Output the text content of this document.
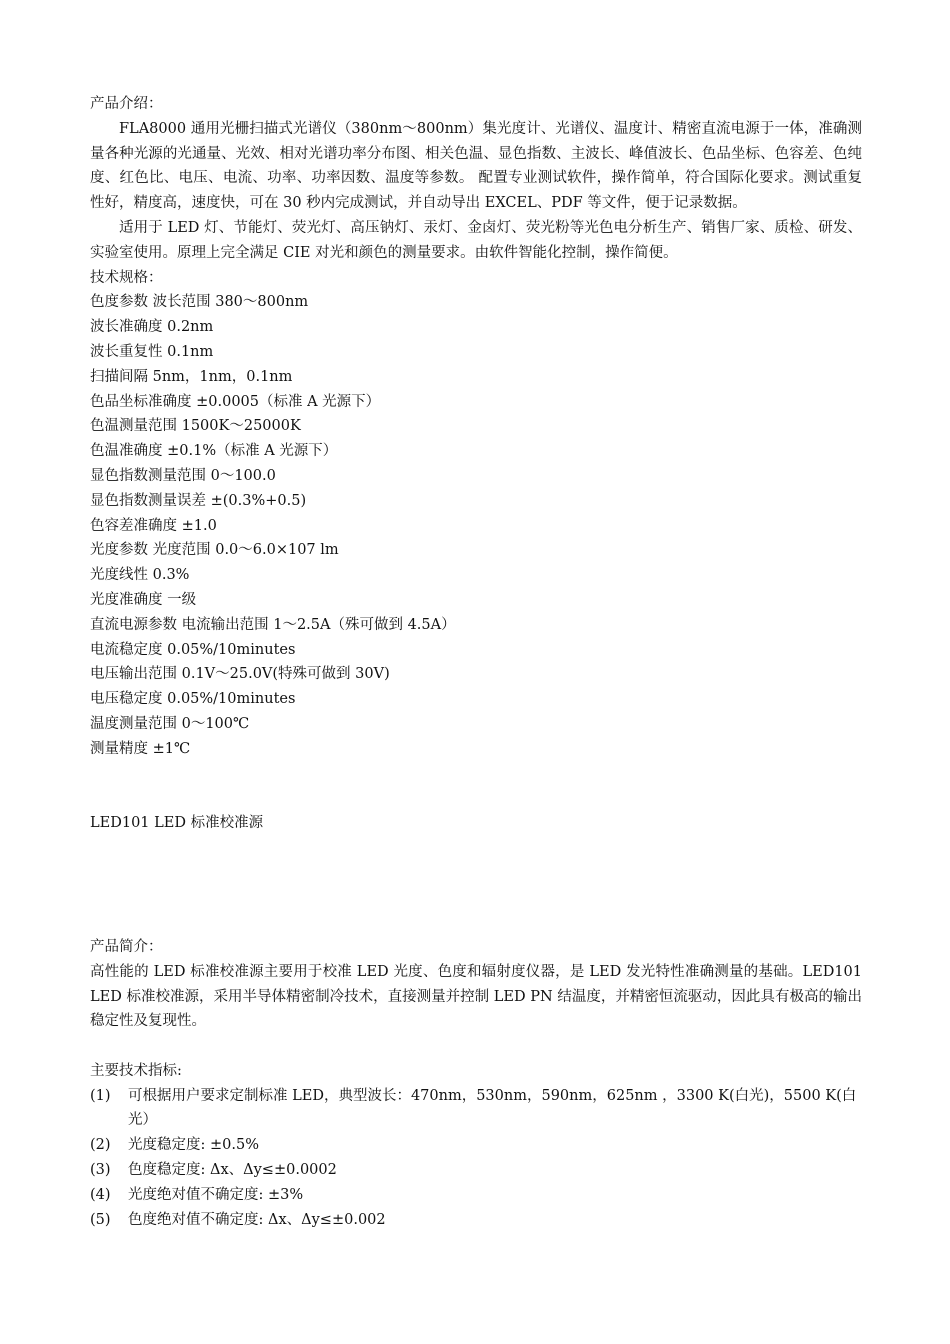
产品介绍：
FLA8000 通用光栅扫描式光谱仪（380nm～800nm）集光度计、光谱仪、温度计、精密直流电源于一体，准确测量各种光源的光通量、光效、相对光谱功率分布图、相关色温、显色指数、主波长、峰值波长、色品坐标、色容差、色纯度、红色比、电压、电流、功率、功率因数、温度等参数。 配置专业测试软件，操作简单，符合国际化要求。测试重复性好，精度高，速度快，可在 30 秒内完成测试，并自动导出 EXCEL、PDF 等文件，便于记录数据。
适用于 LED 灯、节能灯、荧光灯、高压钠灯、汞灯、金卤灯、荧光粉等光色电分析生产、销售厂家、质检、研发、实验室使用。原理上完全满足 CIE 对光和颜色的测量要求。由软件智能化控制，操作简便。
技术规格：
色度参数 波长范围 380～800nm
波长准确度 0.2nm
波长重复性 0.1nm
扫描间隔 5nm，1nm，0.1nm
色品坐标准确度 ±0.0005（标准 A 光源下）
色温测量范围 1500K～25000K
色温准确度 ±0.1%（标准 A 光源下）
显色指数测量范围 0～100.0
显色指数测量误差 ±(0.3%+0.5)
色容差准确度 ±1.0
光度参数 光度范围 0.0～6.0×107 lm
光度线性 0.3%
光度准确度 一级
直流电源参数 电流输出范围 1～2.5A（殊可做到 4.5A）
电流稳定度 0.05%/10minutes
电压输出范围 0.1V～25.0V(特殊可做到 30V)
电压稳定度 0.05%/10minutes
温度测量范围 0～100℃
测量精度 ±1℃
LED101 LED 标准校准源
产品简介：
高性能的 LED 标准校准源主要用于校准 LED 光度、色度和辐射度仪器，是 LED 发光特性准确测量的基础。LED101 LED 标准校准源，采用半导体精密制冷技术，直接测量并控制 LED PN 结温度，并精密恒流驱动，因此具有极高的输出稳定性及复现性。
主要技术指标:
(1)	可根据用户要求定制标准 LED，典型波长：470nm，530nm，590nm，625nm ，3300 K(白光)，5500 K(白光）
(2)	光度稳定度: ±0.5%
(3)	色度稳定度: Δx、Δy≤±0.0002
(4)	光度绝对值不确定度: ±3%
(5)	色度绝对值不确定度: Δx、Δy≤±0.002
